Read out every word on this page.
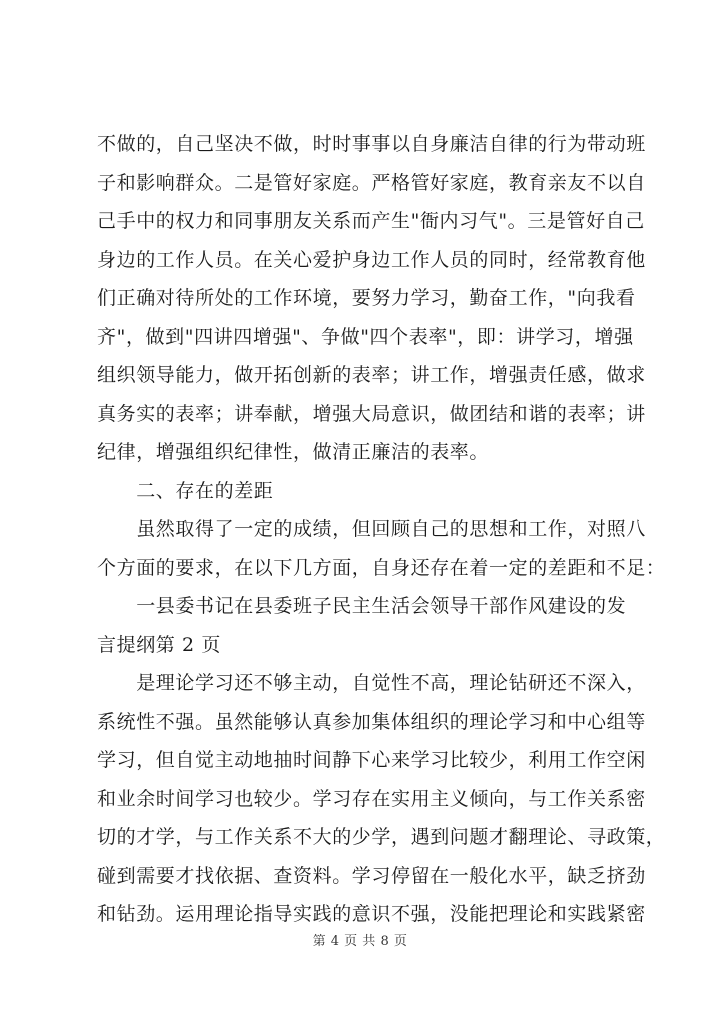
不做的，自己坚决不做，时时事事以自身廉洁自律的行为带动班
子和影响群众。二是管好家庭。严格管好家庭，教育亲友不以自
己手中的权力和同事朋友关系而产生"衙内习气"。三是管好自己
身边的工作人员。在关心爱护身边工作人员的同时，经常教育他
们正确对待所处的工作环境，要努力学习，勤奋工作，"向我看
齐"，做到"四讲四增强"、争做"四个表率"，即：讲学习，增强
组织领导能力，做开拓创新的表率；讲工作，增强责任感，做求
真务实的表率；讲奉献，增强大局意识，做团结和谐的表率；讲
纪律，增强组织纪律性，做清正廉洁的表率。
　　二、存在的差距
　　虽然取得了一定的成绩，但回顾自己的思想和工作，对照八
个方面的要求，在以下几方面，自身还存在着一定的差距和不足：
　　一县委书记在县委班子民主生活会领导干部作风建设的发
言提纲第 2 页
　　是理论学习还不够主动，自觉性不高，理论钻研还不深入，
系统性不强。虽然能够认真参加集体组织的理论学习和中心组等
学习，但自觉主动地抽时间静下心来学习比较少，利用工作空闲
和业余时间学习也较少。学习存在实用主义倾向，与工作关系密
切的才学，与工作关系不大的少学，遇到问题才翻理论、寻政策，
碰到需要才找依据、查资料。学习停留在一般化水平，缺乏挤劲
和钻劲。运用理论指导实践的意识不强，没能把理论和实践紧密
第 4 页 共 8 页
